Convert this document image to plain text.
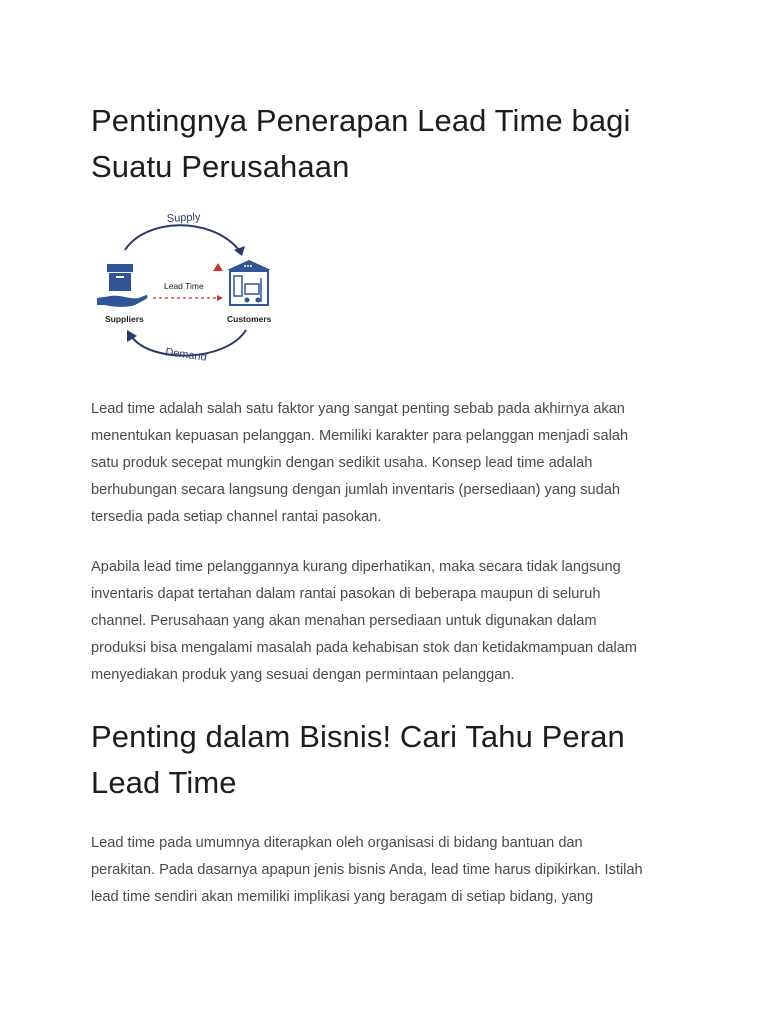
Pentingnya Penerapan Lead Time bagi
Suatu Perusahaan
Supply
Demand
Suppliers
Lead Time
Customers

Lead time adalah salah satu faktor yang sangat penting sebab pada akhirnya akan
menentukan kepuasan pelanggan. Memiliki karakter para pelanggan menjadi salah
satu produk secepat mungkin dengan sedikit usaha. Konsep lead time adalah
berhubungan secara langsung dengan jumlah inventaris (persediaan) yang sudah
tersedia pada setiap channel rantai pasokan.

Apabila lead time pelanggannya kurang diperhatikan, maka secara tidak langsung
inventaris dapat tertahan dalam rantai pasokan di beberapa maupun di seluruh
channel. Perusahaan yang akan menahan persediaan untuk digunakan dalam
produksi bisa mengalami masalah pada kehabisan stok dan ketidakmampuan dalam
menyediakan produk yang sesuai dengan permintaan pelanggan.

Penting dalam Bisnis! Cari Tahu Peran
Lead Time

Lead time pada umumnya diterapkan oleh organisasi di bidang bantuan dan
perakitan. Pada dasarnya apapun jenis bisnis Anda, lead time harus dipikirkan. Istilah
lead time sendiri akan memiliki implikasi yang beragam di setiap bidang, yang
